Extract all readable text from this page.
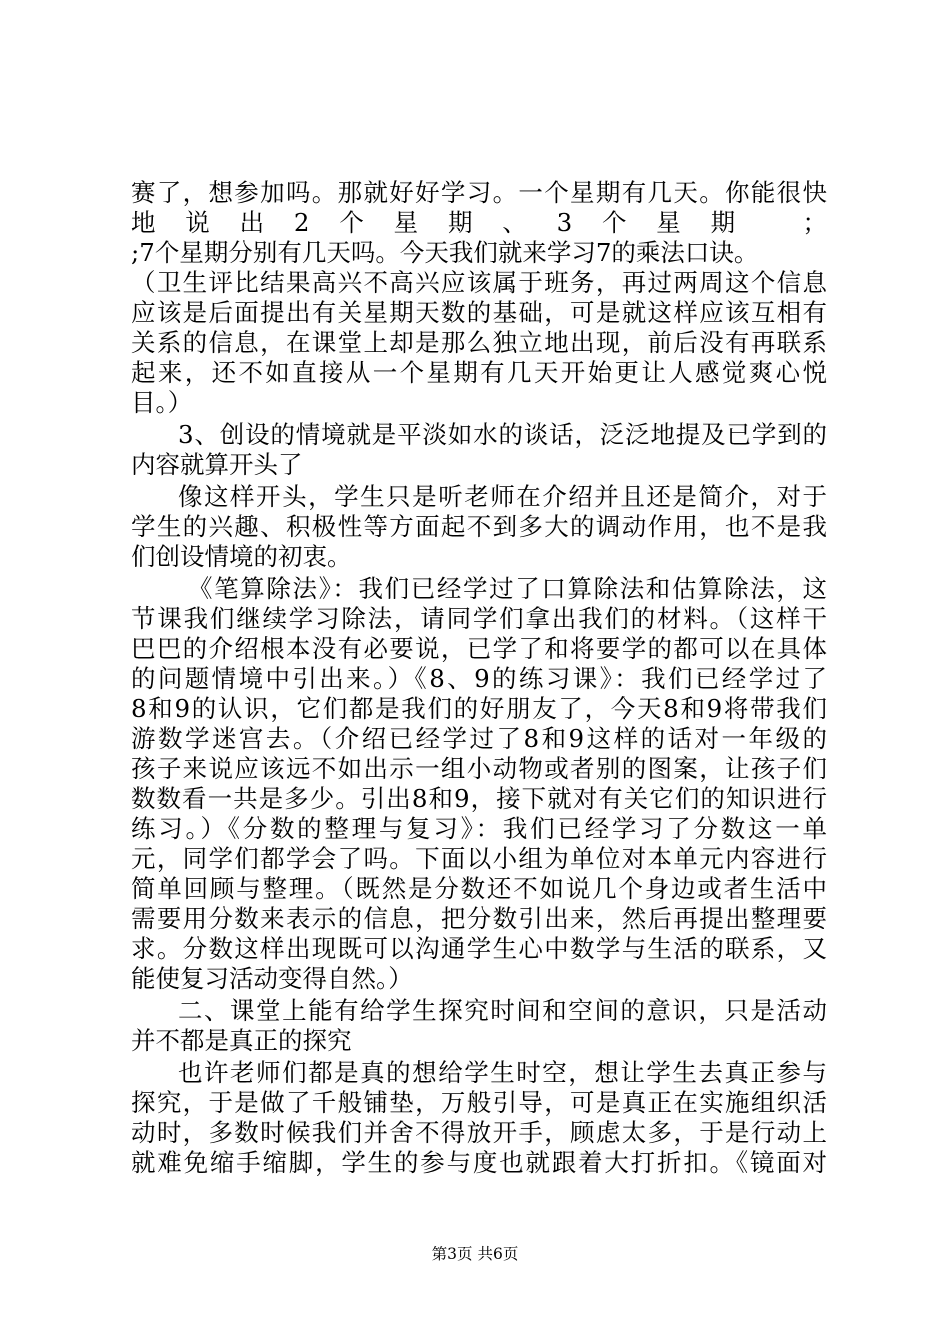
赛了，想参加吗。那就好好学习。一个星期有几天。你能很快
地说出2个星期、3个星期 ；
;7个星期分别有几天吗。今天我们就来学习7的乘法口诀。
（卫生评比结果高兴不高兴应该属于班务，再过两周这个信息
应该是后面提出有关星期天数的基础，可是就这样应该互相有
关系的信息，在课堂上却是那么独立地出现，前后没有再联系
起来，还不如直接从一个星期有几天开始更让人感觉爽心悦
目。）
3、创设的情境就是平淡如水的谈话，泛泛地提及已学到的
内容就算开头了
像这样开头，学生只是听老师在介绍并且还是简介，对于
学生的兴趣、积极性等方面起不到多大的调动作用，也不是我
们创设情境的初衷。
《笔算除法》：我们已经学过了口算除法和估算除法，这
节课我们继续学习除法，请同学们拿出我们的材料。（这样干
巴巴的介绍根本没有必要说，已学了和将要学的都可以在具体
的问题情境中引出来。）《8、9的练习课》：我们已经学过了
8和9的认识，它们都是我们的好朋友了，今天8和9将带我们
游数学迷宫去。（介绍已经学过了8和9这样的话对一年级的
孩子来说应该远不如出示一组小动物或者别的图案，让孩子们
数数看一共是多少。引出8和9，接下就对有关它们的知识进行
练习。）《分数的整理与复习》：我们已经学习了分数这一单
元，同学们都学会了吗。下面以小组为单位对本单元内容进行
简单回顾与整理。（既然是分数还不如说几个身边或者生活中
需要用分数来表示的信息，把分数引出来，然后再提出整理要
求。分数这样出现既可以沟通学生心中数学与生活的联系，又
能使复习活动变得自然。）
二、课堂上能有给学生探究时间和空间的意识，只是活动
并不都是真正的探究
也许老师们都是真的想给学生时空，想让学生去真正参与
探究，于是做了千般铺垫，万般引导，可是真正在实施组织活
动时，多数时候我们并舍不得放开手，顾虑太多，于是行动上
就难免缩手缩脚，学生的参与度也就跟着大打折扣。《镜面对
第3页 共6页
